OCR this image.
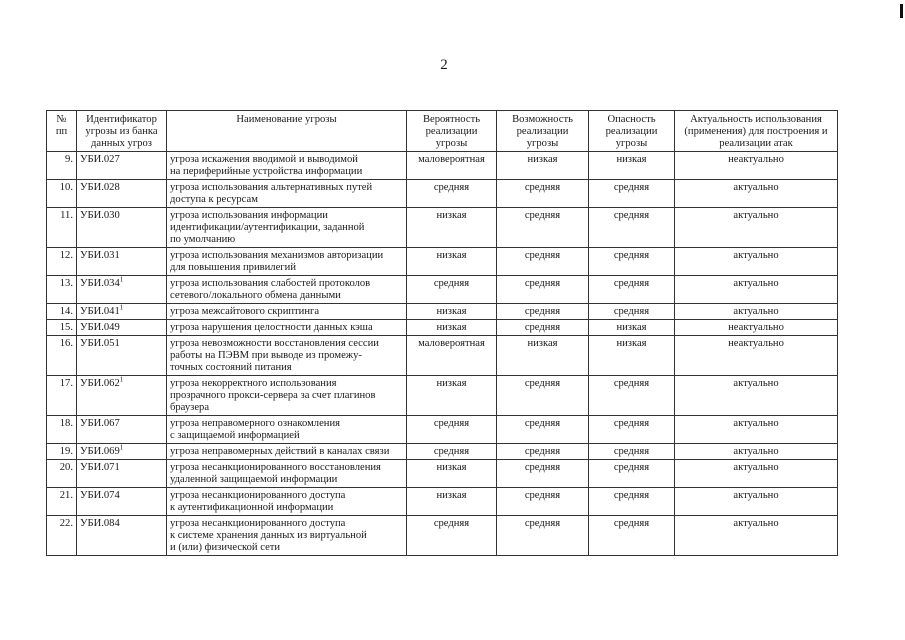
2
№
пп	Идентификатор угрозы из банка данных угроз	Наименование угрозы	Вероятность реализации угрозы	Возможность реализации угрозы	Опасность реализации угрозы	Актуальность использования (применения) для построения и реализации атак
9.	УБИ.027	угроза искажения вводимой и выводимой
на периферийные устройства информации	маловероятная	низкая	низкая	неактуально
10.	УБИ.028	угроза использования альтернативных путей
доступа к ресурсам	средняя	средняя	средняя	актуально
11.	УБИ.030	угроза использования информации
идентификации/аутентификации, заданной
по умолчанию	низкая	средняя	средняя	актуально
12.	УБИ.031	угроза использования механизмов авторизации
для повышения привилегий	низкая	средняя	средняя	актуально
13.	УБИ.034$^1$	угроза использования слабостей протоколов
сетевого/локального обмена данными	средняя	средняя	средняя	актуально
14.	УБИ.041$^1$	угроза межсайтового скриптинга	низкая	средняя	средняя	актуально
15.	УБИ.049	угроза нарушения целостности данных кэша	низкая	средняя	низкая	неактуально
16.	УБИ.051	угроза невозможности восстановления сессии
работы на ПЭВМ при выводе из промежу-
точных состояний питания	маловероятная	низкая	низкая	неактуально
17.	УБИ.062$^1$	угроза некорректного использования
прозрачного прокси-сервера за счет плагинов
браузера	низкая	средняя	средняя	актуально
18.	УБИ.067	угроза неправомерного ознакомления
с защищаемой информацией	средняя	средняя	средняя	актуально
19.	УБИ.069$^1$	угроза неправомерных действий в каналах связи	средняя	средняя	средняя	актуально
20.	УБИ.071	угроза несанкционированного восстановления
удаленной защищаемой информации	низкая	средняя	средняя	актуально
21.	УБИ.074	угроза несанкционированного доступа
к аутентификационной информации	низкая	средняя	средняя	актуально
22.	УБИ.084	угроза несанкционированного доступа
к системе хранения данных из виртуальной
и (или) физической сети	средняя	средняя	средняя	актуально
